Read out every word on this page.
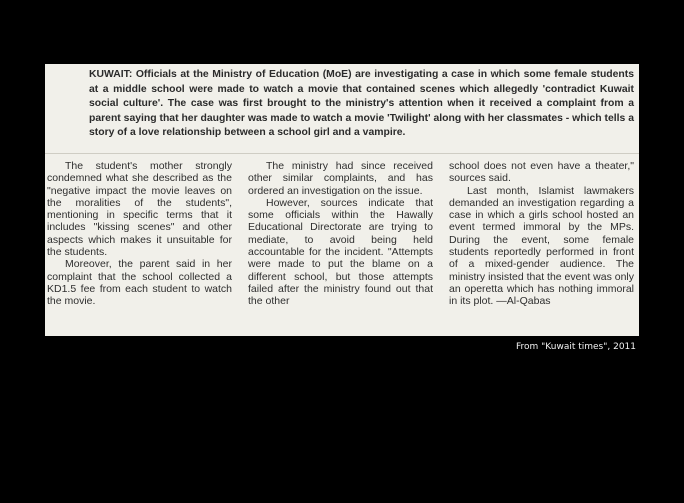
KUWAIT: Officials at the Ministry of Education (MoE) are investigating a case in which some female students at a middle school were made to watch a movie that contained scenes which allegedly 'contradict Kuwait social culture'. The case was first brought to the ministry's attention when it received a complaint from a parent saying that her daughter was made to watch a movie 'Twilight' along with her classmates - which tells a story of a love relationship between a school girl and a vampire.

The student's mother strongly condemned what she described as the "negative impact the movie leaves on the moralities of the students", mentioning in specific terms that it includes "kissing scenes" and other aspects which makes it unsuitable for the students.

Moreover, the parent said in her complaint that the school collected a KD1.5 fee from each student to watch the movie.

The ministry had since received other similar complaints, and has ordered an investigation on the issue.

However, sources indicate that some officials within the Hawally Educational Directorate are trying to mediate, to avoid being held accountable for the incident. "Attempts were made to put the blame on a different school, but those attempts failed after the ministry found out that the other

school does not even have a theater," sources said.

Last month, Islamist lawmakers demanded an investigation regarding a case in which a girls school hosted an event termed immoral by the MPs. During the event, some female students reportedly performed in front of a mixed-gender audience. The ministry insisted that the event was only an operetta which has nothing immoral in its plot. —Al-Qabas

From "Kuwait times", 2011
